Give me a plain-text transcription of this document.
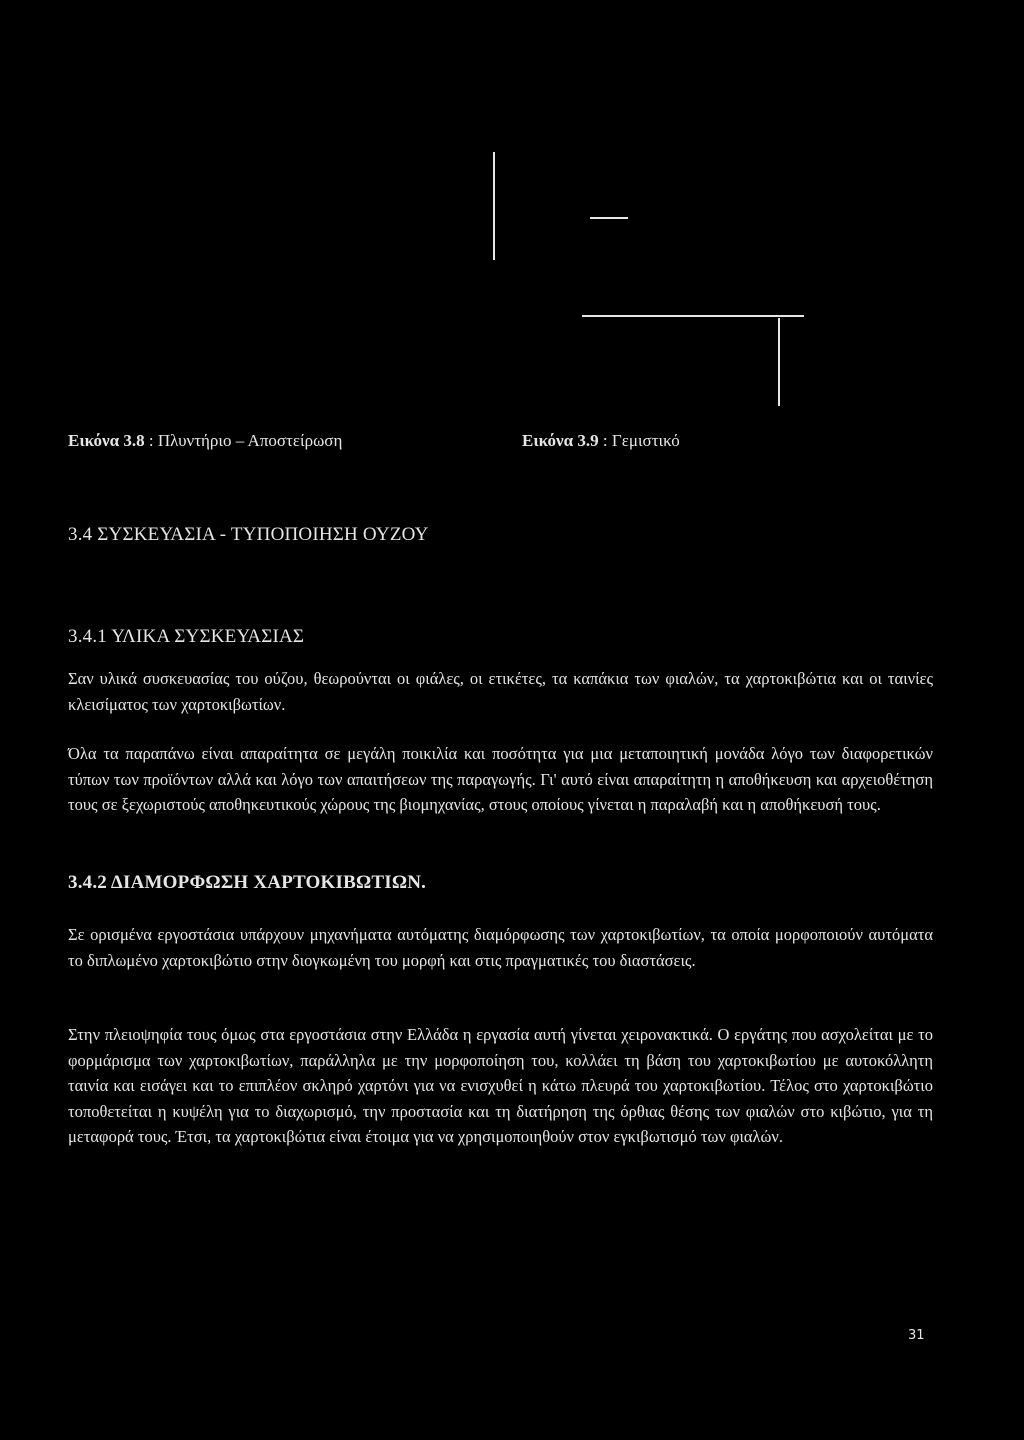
Εικόνα 3.8 : Πλυντήριο – Αποστείρωση	Εικόνα 3.9 : Γεμιστικό
3.4 ΣΥΣΚΕΥΑΣΙΑ - ΤΥΠΟΠΟΙΗΣΗ ΟΥΖΟΥ
3.4.1 ΥΛΙΚΑ ΣΥΣΚΕΥΑΣΙΑΣ

Σαν υλικά συσκευασίας του ούζου, θεωρούνται οι φιάλες, οι ετικέτες, τα καπάκια των φιαλών, τα χαρτοκιβώτια και οι ταινίες κλεισίματος των χαρτοκιβωτίων.

Όλα τα παραπάνω είναι απαραίτητα σε μεγάλη ποικιλία και ποσότητα για μια μεταποιητική μονάδα λόγο των διαφορετικών τύπων των προϊόντων αλλά και λόγο των απαιτήσεων της παραγωγής. Γι' αυτό είναι απαραίτητη η αποθήκευση και αρχειοθέτηση τους σε ξεχωριστούς αποθηκευτικούς χώρους της βιομηχανίας, στους οποίους γίνεται η παραλαβή και η αποθήκευσή τους.

3.4.2 ΔΙΑΜΟΡΦΩΣΗ ΧΑΡΤΟΚΙΒΩΤΙΩΝ.

Σε ορισμένα εργοστάσια υπάρχουν μηχανήματα αυτόματης διαμόρφωσης των χαρτοκιβωτίων, τα οποία μορφοποιούν αυτόματα το διπλωμένο χαρτοκιβώτιο στην διογκωμένη του μορφή και στις πραγματικές του διαστάσεις.

Στην πλειοψηφία τους όμως στα εργοστάσια στην Ελλάδα η εργασία αυτή γίνεται χειρονακτικά. Ο εργάτης που ασχολείται με το φορμάρισμα των χαρτοκιβωτίων, παράλληλα με την μορφοποίηση του, κολλάει τη βάση του χαρτοκιβωτίου με αυτοκόλλητη ταινία και εισάγει και το επιπλέον σκληρό χαρτόνι για να ενισχυθεί η κάτω πλευρά του χαρτοκιβωτίου. Τέλος στο χαρτοκιβώτιο τοποθετείται η κυψέλη για το διαχωρισμό, την προστασία και τη διατήρηση της όρθιας θέσης των φιαλών στο κιβώτιο, για τη μεταφορά τους. Έτσι, τα χαρτοκιβώτια είναι έτοιμα για να χρησιμοποιηθούν στον εγκιβωτισμό των φιαλών.

31
